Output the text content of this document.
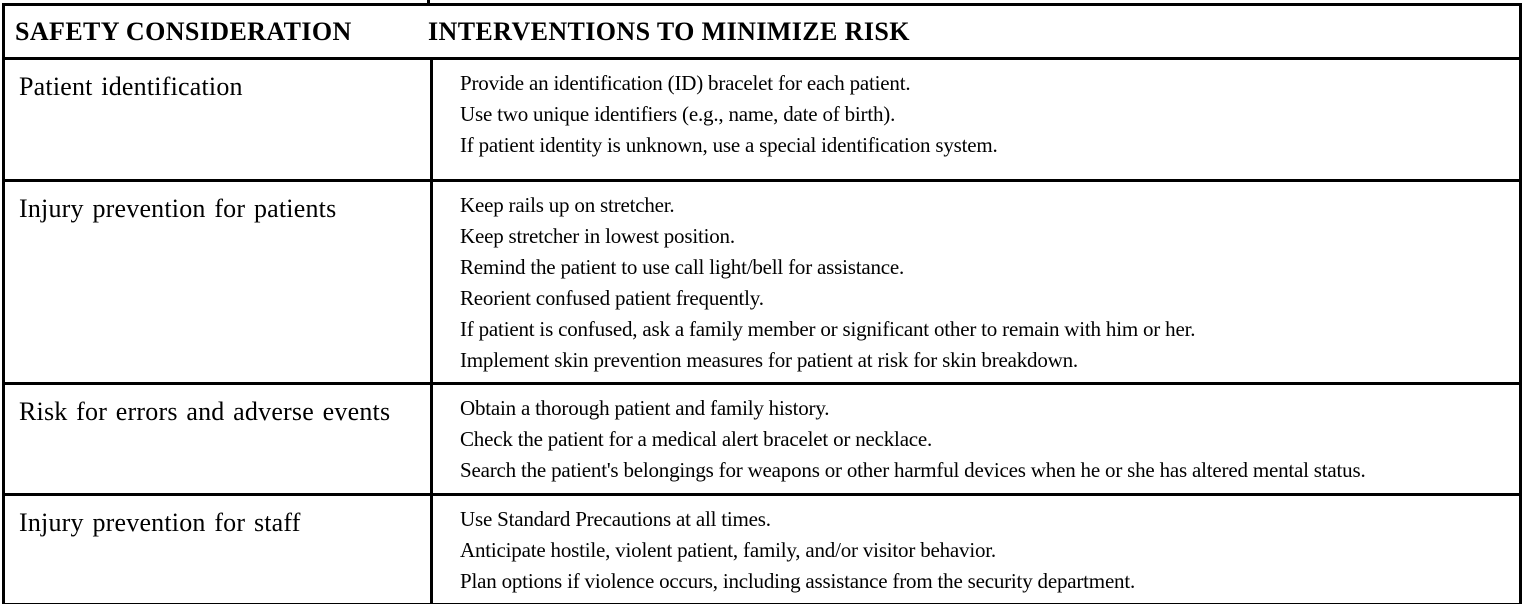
SAFETY CONSIDERATION	INTERVENTIONS TO MINIMIZE RISK
Patient identification	Provide an identification (ID) bracelet for each patient.
Use two unique identifiers (e.g., name, date of birth).
If patient identity is unknown, use a special identification system.
Injury prevention for patients	Keep rails up on stretcher.
Keep stretcher in lowest position.
Remind the patient to use call light/bell for assistance.
Reorient confused patient frequently.
If patient is confused, ask a family member or significant other to remain with him or her.
Implement skin prevention measures for patient at risk for skin breakdown.
Risk for errors and adverse events	Obtain a thorough patient and family history.
Check the patient for a medical alert bracelet or necklace.
Search the patient's belongings for weapons or other harmful devices when he or she has altered mental status.
Injury prevention for staff	Use Standard Precautions at all times.
Anticipate hostile, violent patient, family, and/or visitor behavior.
Plan options if violence occurs, including assistance from the security department.
